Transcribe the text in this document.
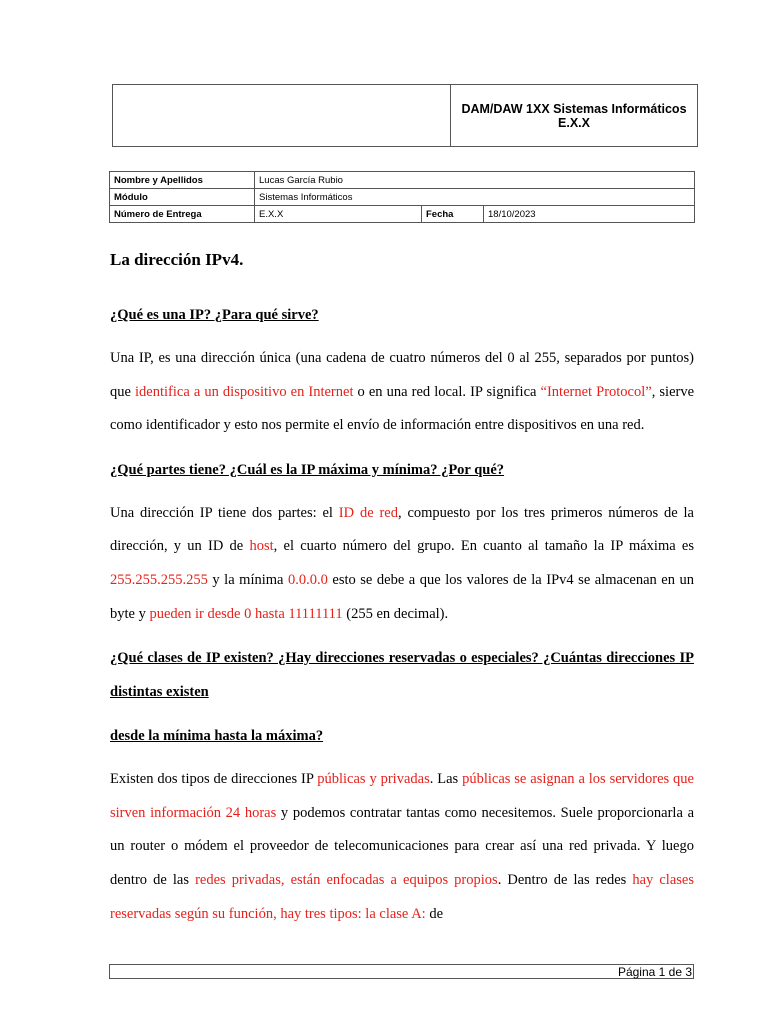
DAM/DAW 1XX Sistemas Informáticos
E.X.X
Nombre y Apellidos	Lucas García Rubio		
Módulo	Sistemas Informáticos		
Número de Entrega	E.X.X	Fecha	18/10/2023
La dirección IPv4.
¿Qué es una IP? ¿Para qué sirve?

Una IP, es una dirección única (una cadena de cuatro números del 0 al 255, separados por puntos) que identifica a un dispositivo en Internet o en una red local. IP significa “Internet Protocol”, sierve como identificador y esto nos permite el envío de información entre dispositivos en una red.

¿Qué partes tiene? ¿Cuál es la IP máxima y mínima? ¿Por qué?

Una dirección IP tiene dos partes: el ID de red, compuesto por los tres primeros números de la dirección, y un ID de host, el cuarto número del grupo. En cuanto al tamaño la IP máxima es 255.255.255.255 y la mínima 0.0.0.0 esto se debe a que los valores de la IPv4 se almacenan en un byte y pueden ir desde 0 hasta 11111111 (255 en decimal).

¿Qué clases de IP existen? ¿Hay direcciones reservadas o especiales? ¿Cuántas direcciones IP distintas existen
desde la mínima hasta la máxima?

Existen dos tipos de direcciones IP públicas y privadas. Las públicas se asignan a los servidores que sirven información 24 horas y podemos contratar tantas como necesitemos. Suele proporcionarla a un router o módem el proveedor de telecomunicaciones para crear así una red privada. Y luego dentro de las redes privadas, están enfocadas a equipos propios. Dentro de las redes hay clases reservadas según su función, hay tres tipos: la clase A: de

Página 1 de 3
